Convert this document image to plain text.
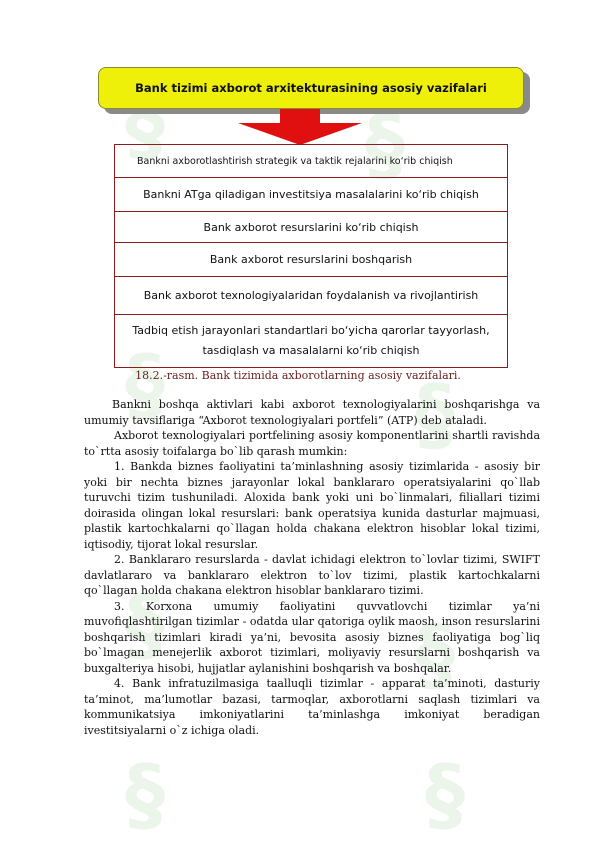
§	§
§	§
§	§
§
§
Bank tizimi axborot arxitekturasining asosiy vazifalari
Bankni axborotlashtirish strategik va taktik rejalarini ko‘rib chiqish
Bankni ATga qiladigan investitsiya masalalarini ko‘rib chiqish
Bank axborot resurslarini ko‘rib chiqish
Bank axborot resurslarini boshqarish
Bank axborot texnologiyalaridan foydalanish va rivojlantirish
Tadbiq etish jarayonlari standartlari bo‘yicha qarorlar tayyorlash,
tasdiqlash va masalalarni ko‘rib chiqish
18.2.-rasm. Bank tizimida axborotlarning asosiy vazifalari.

Bankni boshqa aktivlari kabi axborot texnologiyalarini boshqarishga va umumiy tavsiflariga “Axborot texnologiyalari portfeli” (ATP) deb ataladi.

Axborot texnologiyalari portfelining asosiy komponentlarini shartli ravishda to`rtta asosiy toifalarga bo`lib qarash mumkin:

1. Bankda biznes faoliyatini ta’minlashning asosiy tizimlarida - asosiy bir yoki bir nechta biznes jarayonlar lokal banklararo operatsiyalarini qo`llab turuvchi tizim tushuniladi. Aloxida bank yoki uni bo`linmalari, filiallari tizimi doirasida olingan lokal resurslari: bank operatsiya kunida dasturlar majmuasi, plastik kartochkalarni qo`llagan holda chakana elektron hisoblar lokal tizimi, iqtisodiy, tijorat lokal resurslar.

2. Banklararo resurslarda - davlat ichidagi elektron to`lovlar tizimi, SWIFT davlatlararo va banklararo elektron to`lov tizimi, plastik kartochkalarni qo`llagan holda chakana elektron hisoblar banklararo tizimi.

3. Korxona umumiy faoliyatini quvvatlovchi tizimlar ya’ni muvofiqlashtirilgan tizimlar - odatda ular qatoriga oylik maosh, inson resurslarini boshqarish tizimlari kiradi ya’ni, bevosita asosiy biznes faoliyatiga bog`liq bo`lmagan menejerlik axborot tizimlari, moliyaviy resurslarni boshqarish va buxgalteriya hisobi, hujjatlar aylanishini boshqarish va boshqalar.

4. Bank infratuzilmasiga taalluqli tizimlar - apparat ta’minoti, dasturiy ta’minot, ma’lumotlar bazasi, tarmoqlar, axborotlarni saqlash tizimlari va kommunikatsiya imkoniyatlarini ta’minlashga imkoniyat beradigan ivestitsiyalarni o`z ichiga oladi.
